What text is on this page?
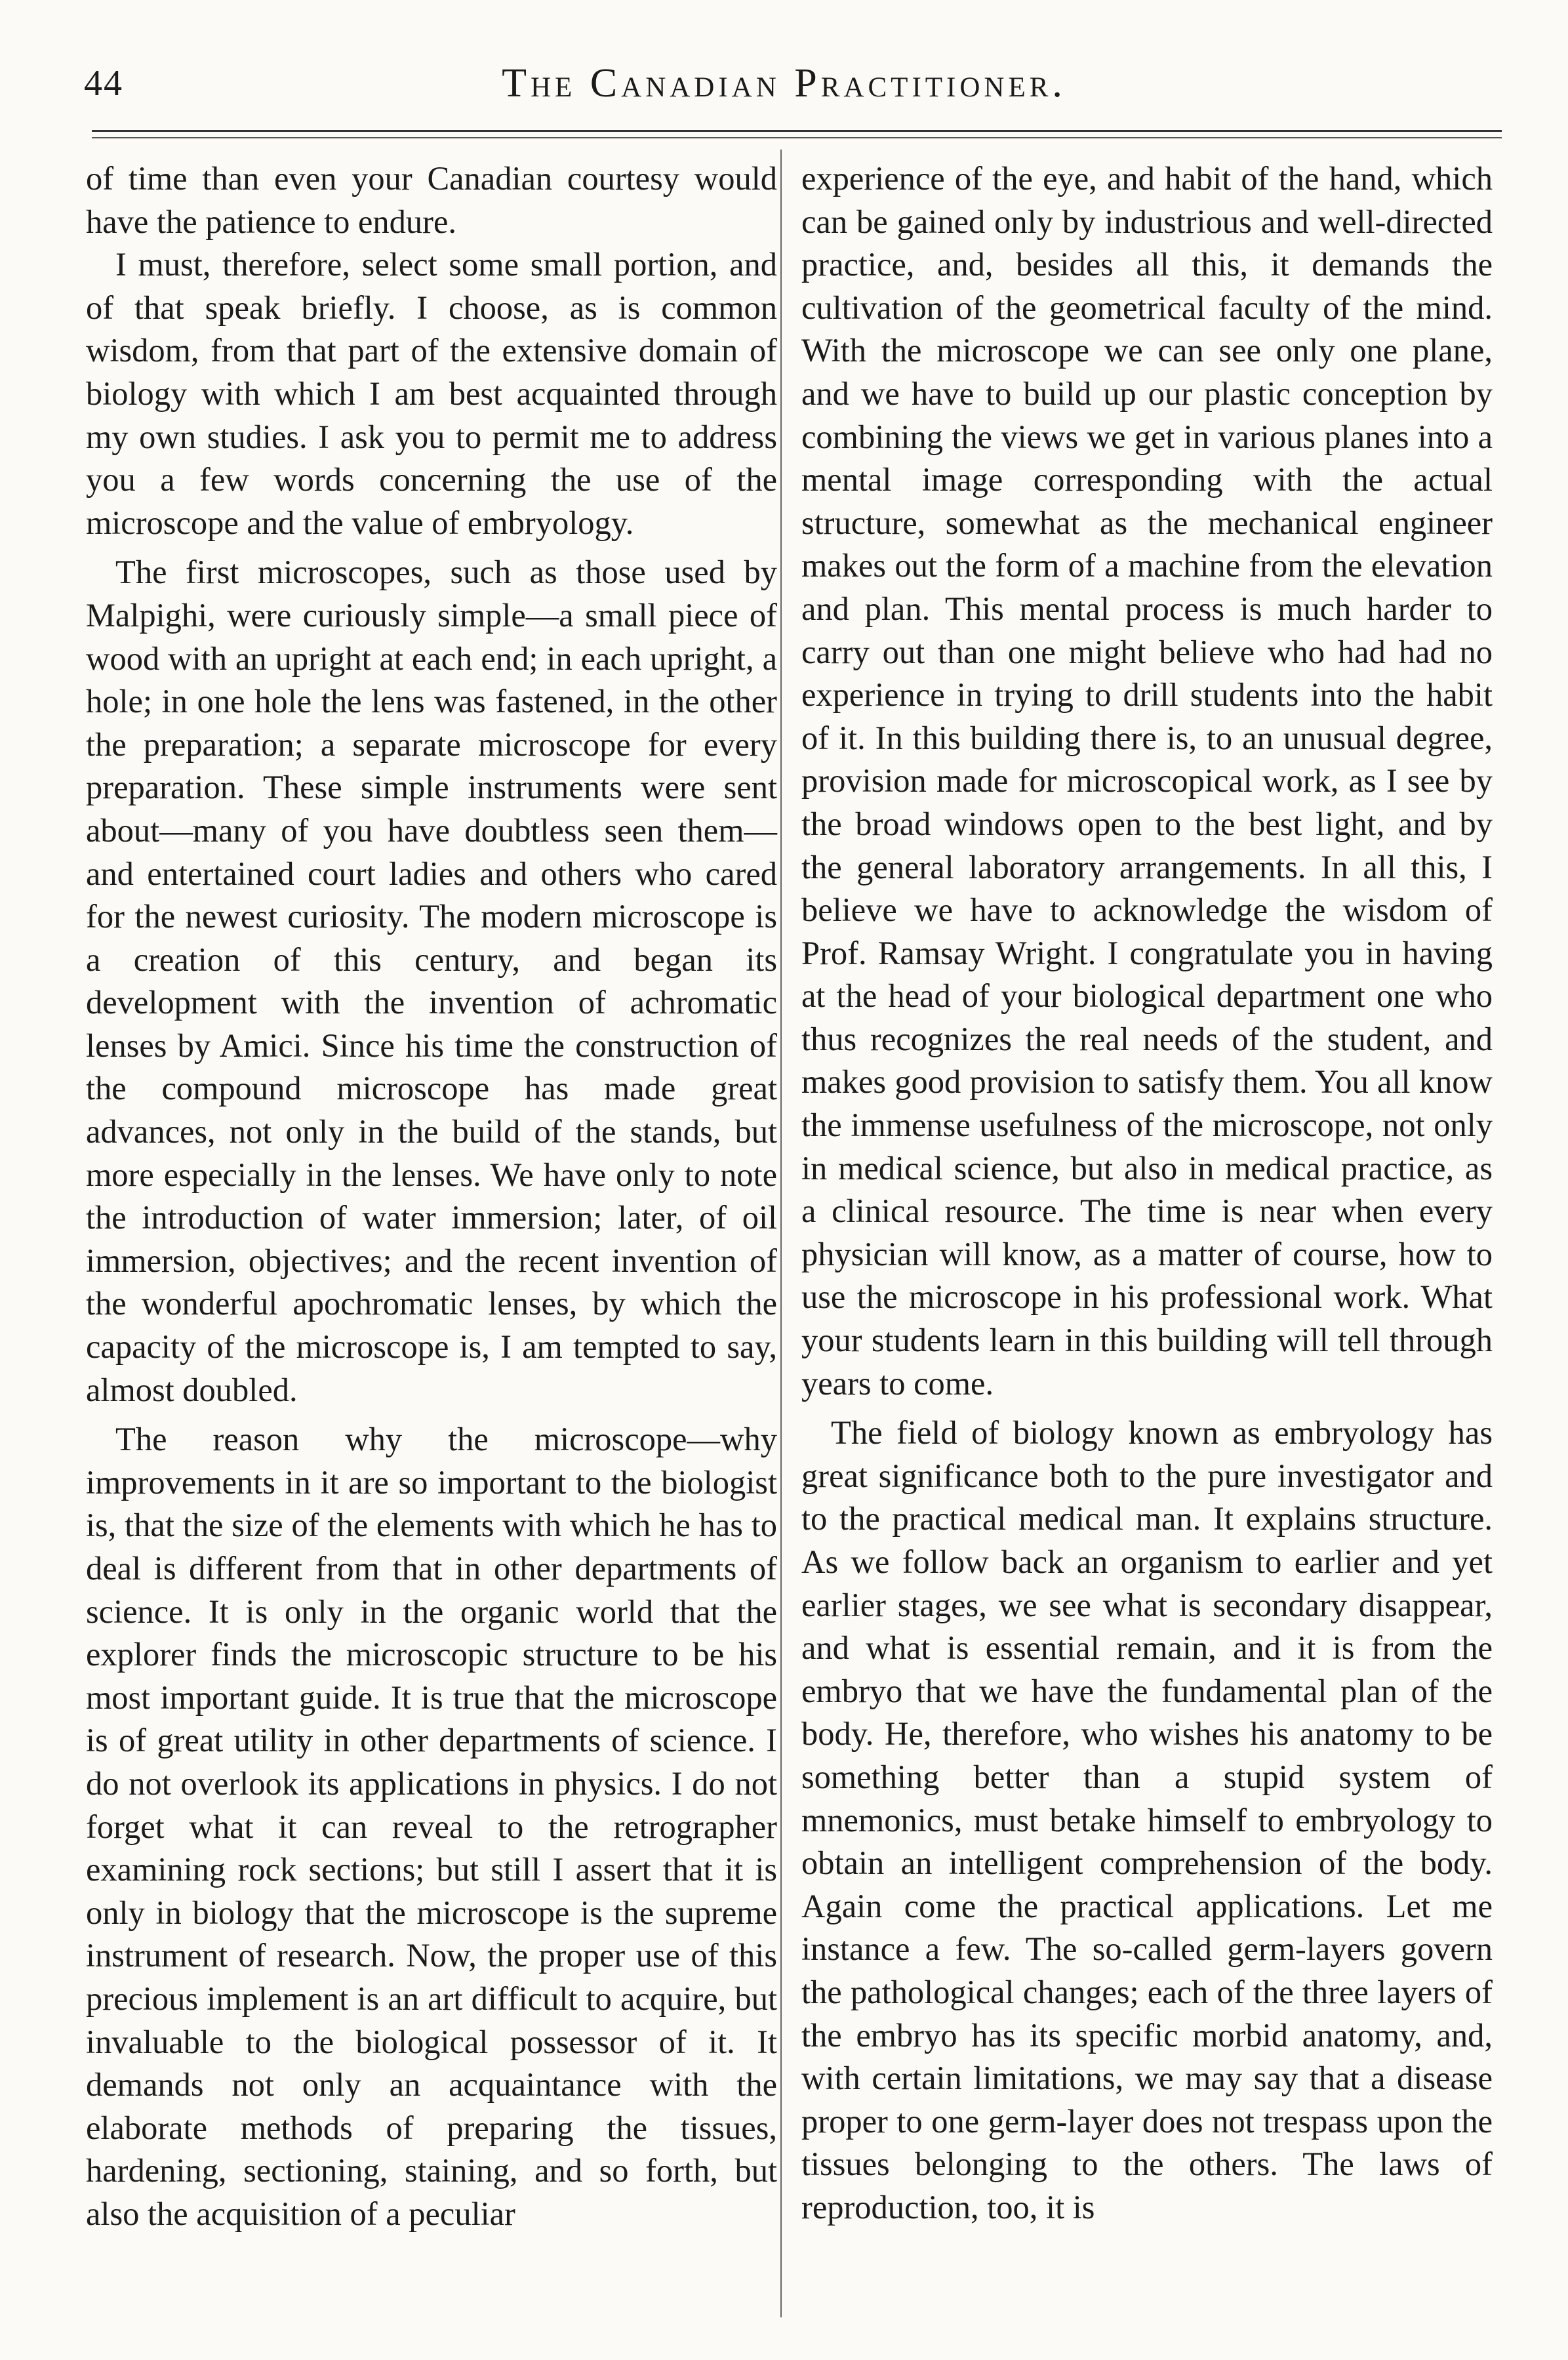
44	The Canadian Practitioner.

of time than even your Canadian courtesy would have the patience to endure.

I must, therefore, select some small portion, and of that speak briefly. I choose, as is common wisdom, from that part of the extensive domain of biology with which I am best acquainted through my own studies. I ask you to permit me to address you a few words concerning the use of the microscope and the value of embryology.

The first microscopes, such as those used by Malpighi, were curiously simple—a small piece of wood with an upright at each end; in each upright, a hole; in one hole the lens was fastened, in the other the preparation; a separate microscope for every preparation. These simple instruments were sent about—many of you have doubtless seen them—and entertained court ladies and others who cared for the newest curiosity. The modern microscope is a creation of this century, and began its development with the invention of achromatic lenses by Amici. Since his time the construction of the compound microscope has made great advances, not only in the build of the stands, but more especially in the lenses. We have only to note the introduction of water immersion; later, of oil immersion, objectives; and the recent invention of the wonderful apochromatic lenses, by which the capacity of the microscope is, I am tempted to say, almost doubled.

The reason why the microscope—why improvements in it are so important to the biologist is, that the size of the elements with which he has to deal is different from that in other departments of science. It is only in the organic world that the explorer finds the microscopic structure to be his most important guide. It is true that the microscope is of great utility in other departments of science. I do not overlook its applications in physics. I do not forget what it can reveal to the retrographer examining rock sections; but still I assert that it is only in biology that the microscope is the supreme instrument of research. Now, the proper use of this precious implement is an art difficult to acquire, but invaluable to the biological possessor of it. It demands not only an acquaintance with the elaborate methods of preparing the tissues, hardening, sectioning, staining, and so forth, but also the acquisition of a peculiar

experience of the eye, and habit of the hand, which can be gained only by industrious and well-directed practice, and, besides all this, it demands the cultivation of the geometrical faculty of the mind. With the microscope we can see only one plane, and we have to build up our plastic conception by combining the views we get in various planes into a mental image corresponding with the actual structure, somewhat as the mechanical engineer makes out the form of a machine from the elevation and plan. This mental process is much harder to carry out than one might believe who had had no experience in trying to drill students into the habit of it. In this building there is, to an unusual degree, provision made for microscopical work, as I see by the broad windows open to the best light, and by the general laboratory arrangements. In all this, I believe we have to acknowledge the wisdom of Prof. Ramsay Wright. I congratulate you in having at the head of your biological department one who thus recognizes the real needs of the student, and makes good provision to satisfy them. You all know the immense usefulness of the microscope, not only in medical science, but also in medical practice, as a clinical resource. The time is near when every physician will know, as a matter of course, how to use the microscope in his professional work. What your students learn in this building will tell through years to come.

The field of biology known as embryology has great significance both to the pure investigator and to the practical medical man. It explains structure. As we follow back an organism to earlier and yet earlier stages, we see what is secondary disappear, and what is essential remain, and it is from the embryo that we have the fundamental plan of the body. He, therefore, who wishes his anatomy to be something better than a stupid system of mnemonics, must betake himself to embryology to obtain an intelligent comprehension of the body. Again come the practical applications. Let me instance a few. The so-called germ-layers govern the pathological changes; each of the three layers of the embryo has its specific morbid anatomy, and, with certain limitations, we may say that a disease proper to one germ-layer does not trespass upon the tissues belonging to the others. The laws of reproduction, too, it is
